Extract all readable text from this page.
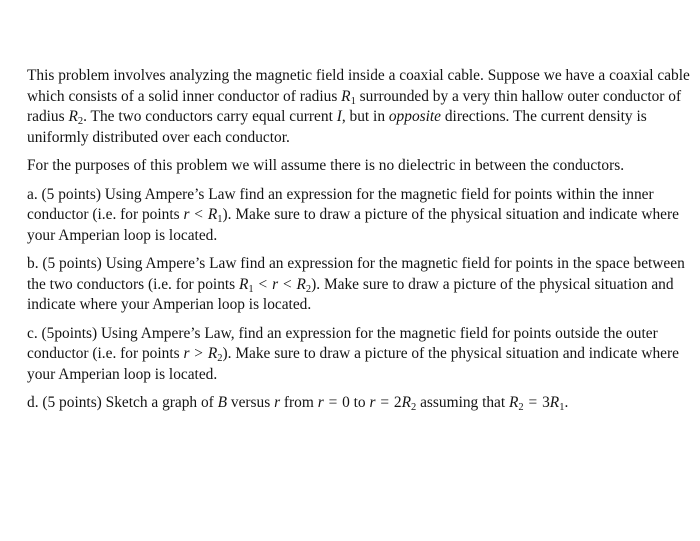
This problem involves analyzing the magnetic field inside a coaxial cable. Suppose we have a coaxial cable which consists of a solid inner conductor of radius $R_1$ surrounded by a very thin hallow outer conductor of radius $R_2$. The two conductors carry equal current I, but in opposite directions. The current density is uniformly distributed over each conductor.

For the purposes of this problem we will assume there is no dielectric in between the conductors.

a. (5 points) Using Ampere’s Law find an expression for the magnetic field for points within the inner conductor (i.e. for points $r < R_1$). Make sure to draw a picture of the physical situation and indicate where your Amperian loop is located.

b. (5 points) Using Ampere’s Law find an expression for the magnetic field for points in the space between the two conductors (i.e. for points $R_1 < r < R_2$). Make sure to draw a picture of the physical situation and indicate where your Amperian loop is located.

c. (5points) Using Ampere’s Law, find an expression for the magnetic field for points outside the outer conductor (i.e. for points $r > R_2$). Make sure to draw a picture of the physical situation and indicate where your Amperian loop is located.

d. (5 points) Sketch a graph of B versus r from r = 0 to $r = 2R_2$ assuming that $R_2 = 3R_1$.
